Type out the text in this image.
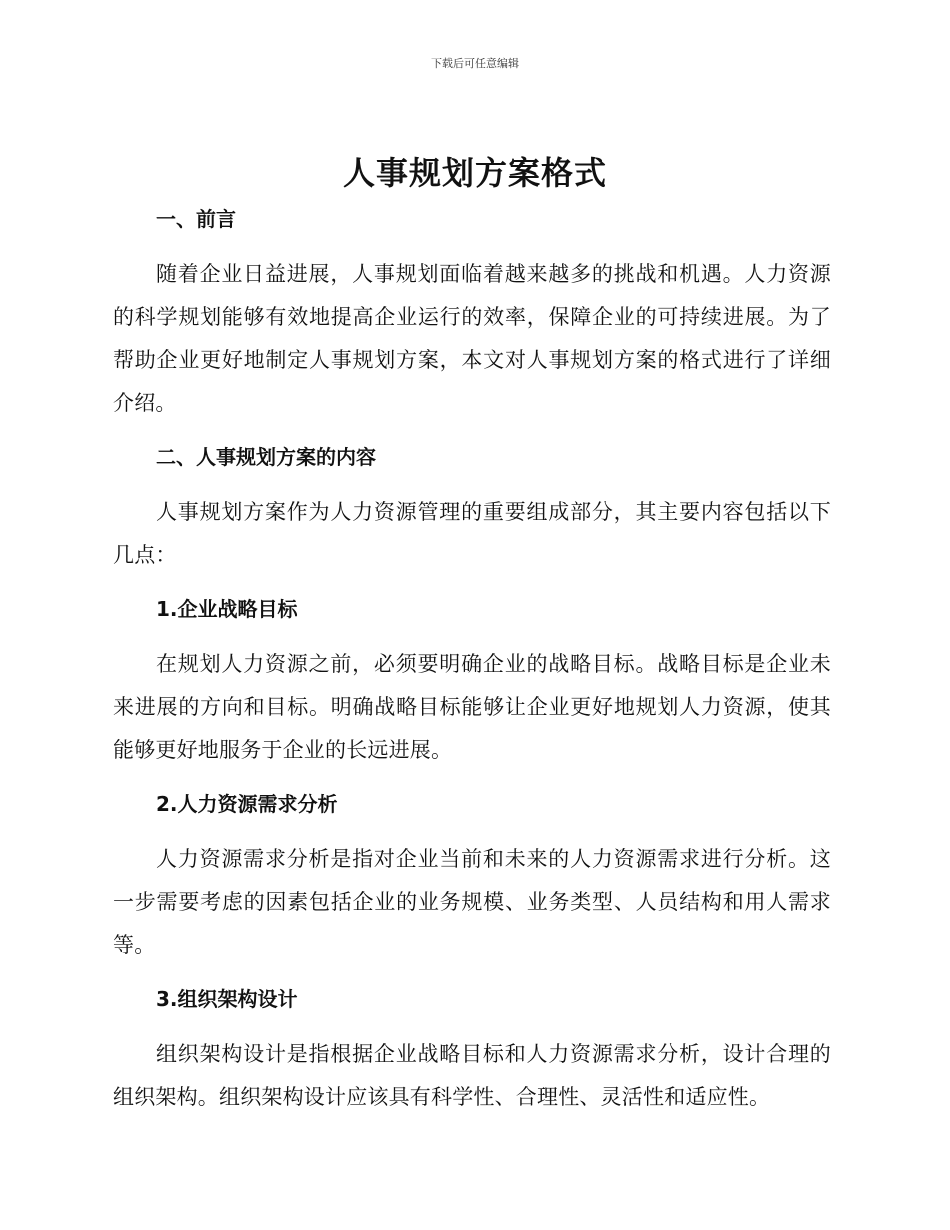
下载后可任意编辑
人事规划方案格式

一、前言

随着企业日益进展，人事规划面临着越来越多的挑战和机遇。人力资源的科学规划能够有效地提高企业运行的效率，保障企业的可持续进展。为了帮助企业更好地制定人事规划方案，本文对人事规划方案的格式进行了详细介绍。

二、人事规划方案的内容

人事规划方案作为人力资源管理的重要组成部分，其主要内容包括以下几点：

1.企业战略目标

在规划人力资源之前，必须要明确企业的战略目标。战略目标是企业未来进展的方向和目标。明确战略目标能够让企业更好地规划人力资源，使其能够更好地服务于企业的长远进展。

2.人力资源需求分析

人力资源需求分析是指对企业当前和未来的人力资源需求进行分析。这一步需要考虑的因素包括企业的业务规模、业务类型、人员结构和用人需求等。

3.组织架构设计

组织架构设计是指根据企业战略目标和人力资源需求分析，设计合理的组织架构。组织架构设计应该具有科学性、合理性、灵活性和适应性。
